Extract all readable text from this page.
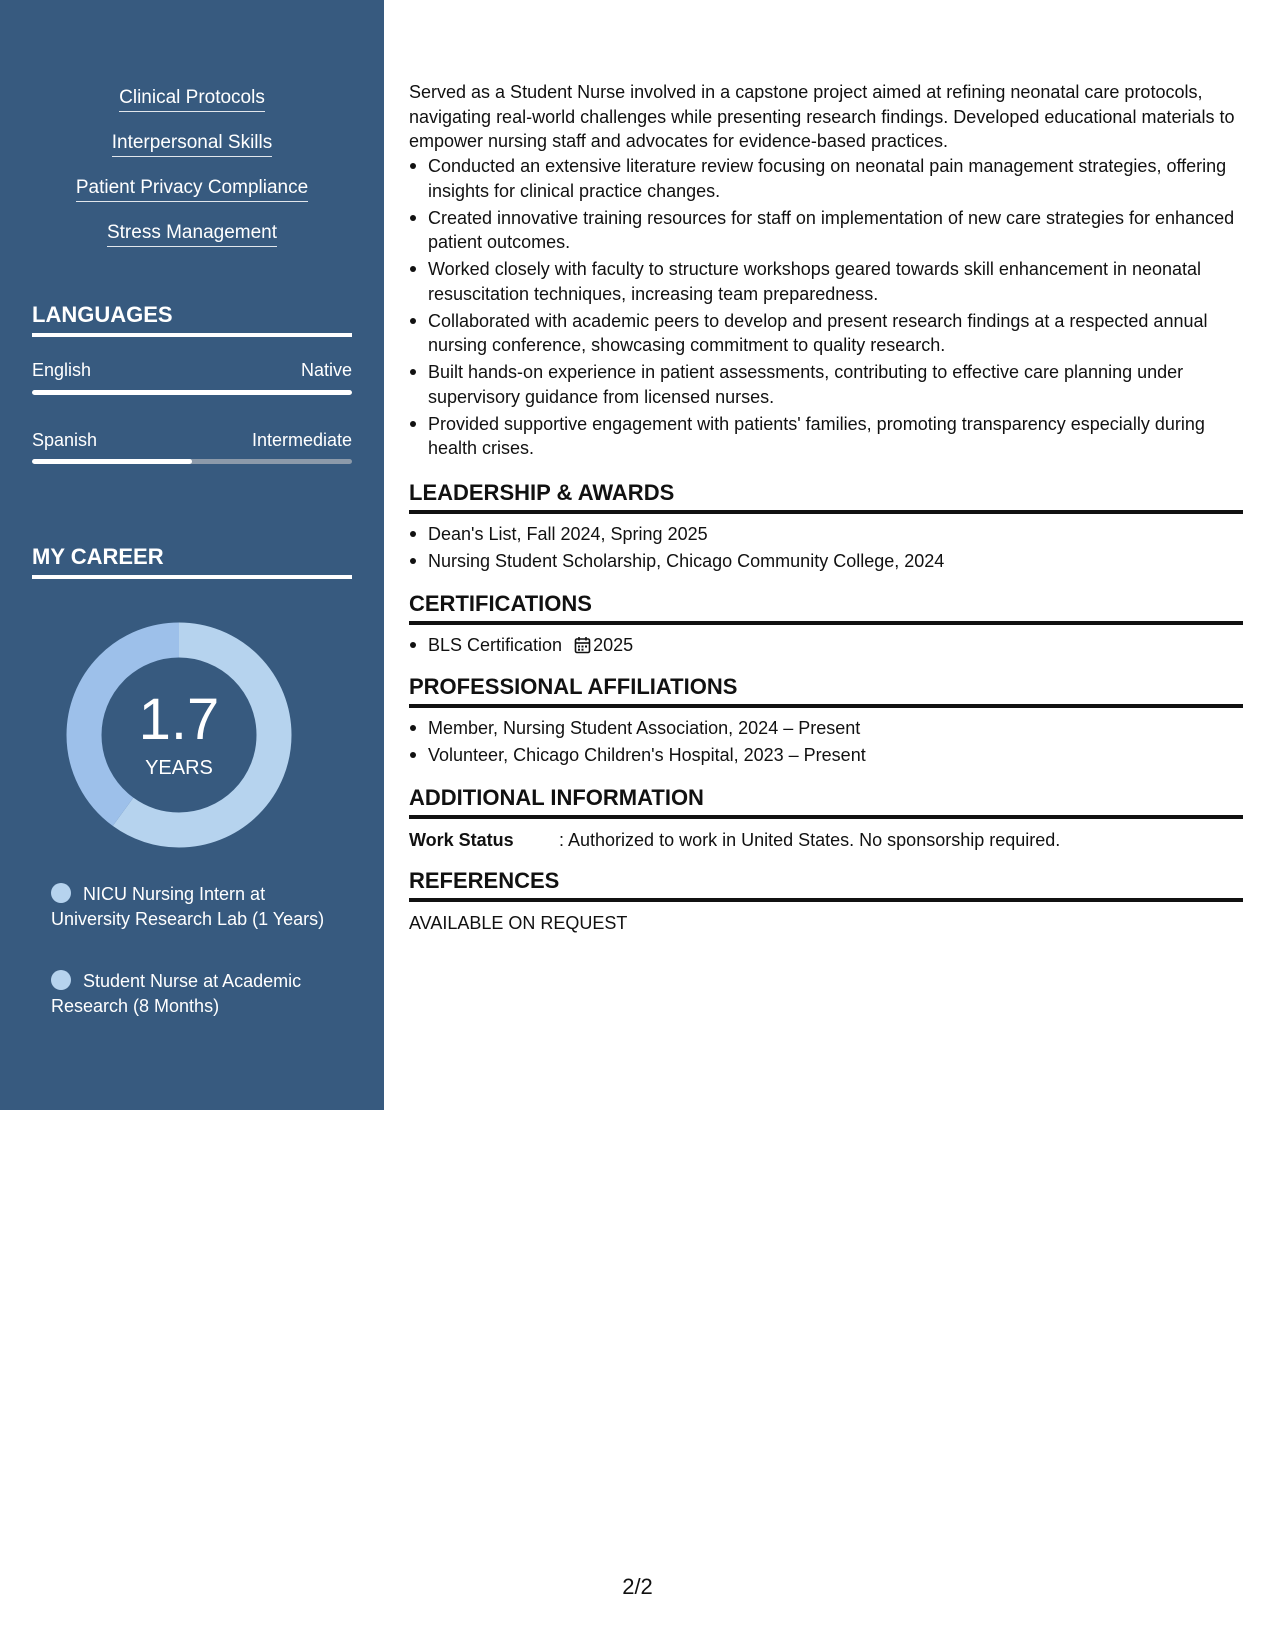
Clinical Protocols
Interpersonal Skills
Patient Privacy Compliance
Stress Management
LANGUAGES
English	Native
Spanish	Intermediate
MY CAREER
1.7
YEARS
NICU Nursing Intern at University Research Lab (1 Years)
Student Nurse at Academic Research (8 Months)

Served as a Student Nurse involved in a capstone project aimed at refining neonatal care protocols, navigating real-world challenges while presenting research findings. Developed educational materials to empower nursing staff and advocates for evidence-based practices.

Conducted an extensive literature review focusing on neonatal pain management strategies, offering insights for clinical practice changes.
Created innovative training resources for staff on implementation of new care strategies for enhanced patient outcomes.
Worked closely with faculty to structure workshops geared towards skill enhancement in neonatal resuscitation techniques, increasing team preparedness.
Collaborated with academic peers to develop and present research findings at a respected annual nursing conference, showcasing commitment to quality research.
Built hands-on experience in patient assessments, contributing to effective care planning under supervisory guidance from licensed nurses.
Provided supportive engagement with patients' families, promoting transparency especially during health crises.
LEADERSHIP & AWARDS
Dean's List, Fall 2024, Spring 2025
Nursing Student Scholarship, Chicago Community College, 2024
CERTIFICATIONS
BLS Certification 2025
PROFESSIONAL AFFILIATIONS
Member, Nursing Student Association, 2024 – Present
Volunteer, Chicago Children's Hospital, 2023 – Present
ADDITIONAL INFORMATION
Work Status	: Authorized to work in United States. No sponsorship required.
REFERENCES
AVAILABLE ON REQUEST
2/2
